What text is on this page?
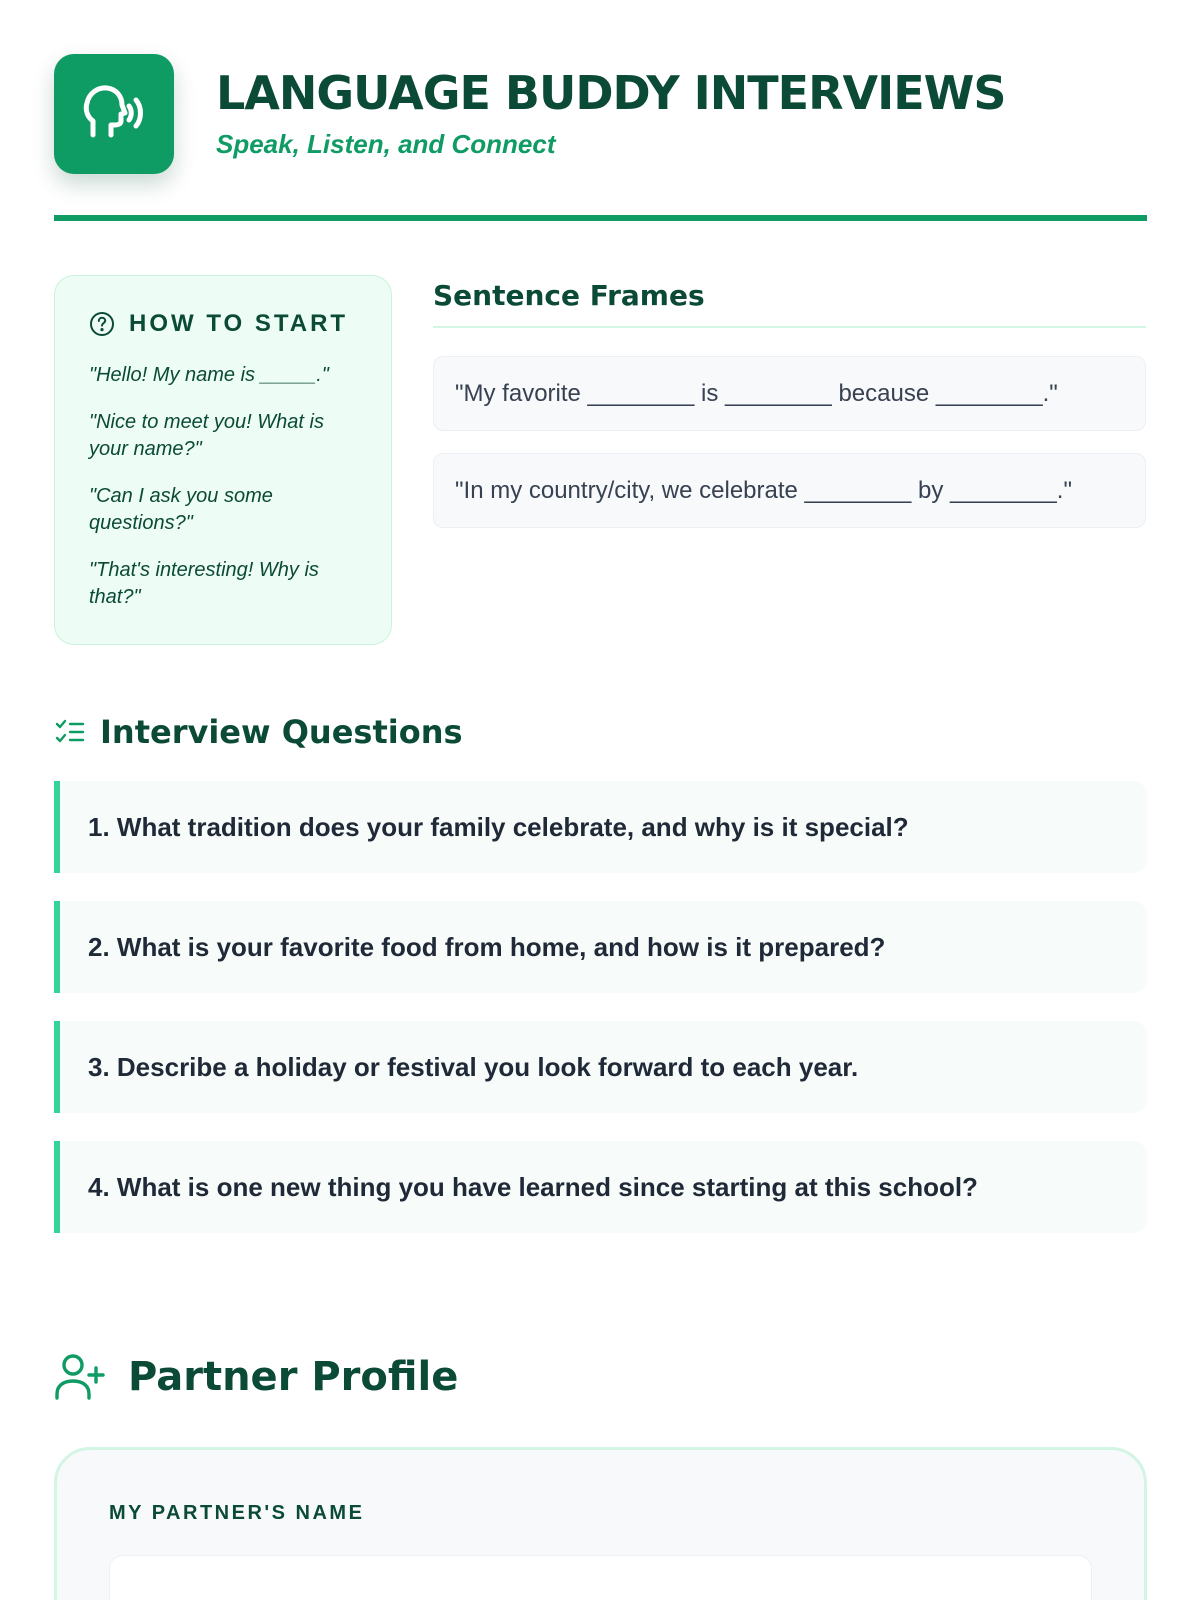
LANGUAGE BUDDY INTERVIEWS
Speak, Listen, and Connect
HOW TO START
"Hello! My name is _____."
"Nice to meet you! What is your name?"
"Can I ask you some questions?"
"That's interesting! Why is that?"
Sentence Frames
"My favorite ________ is ________ because ________."
"In my country/city, we celebrate ________ by ________."
Interview Questions
1. What tradition does your family celebrate, and why is it special?
2. What is your favorite food from home, and how is it prepared?
3. Describe a holiday or festival you look forward to each year.
4. What is one new thing you have learned since starting at this school?
Partner Profile
MY PARTNER'S NAME
